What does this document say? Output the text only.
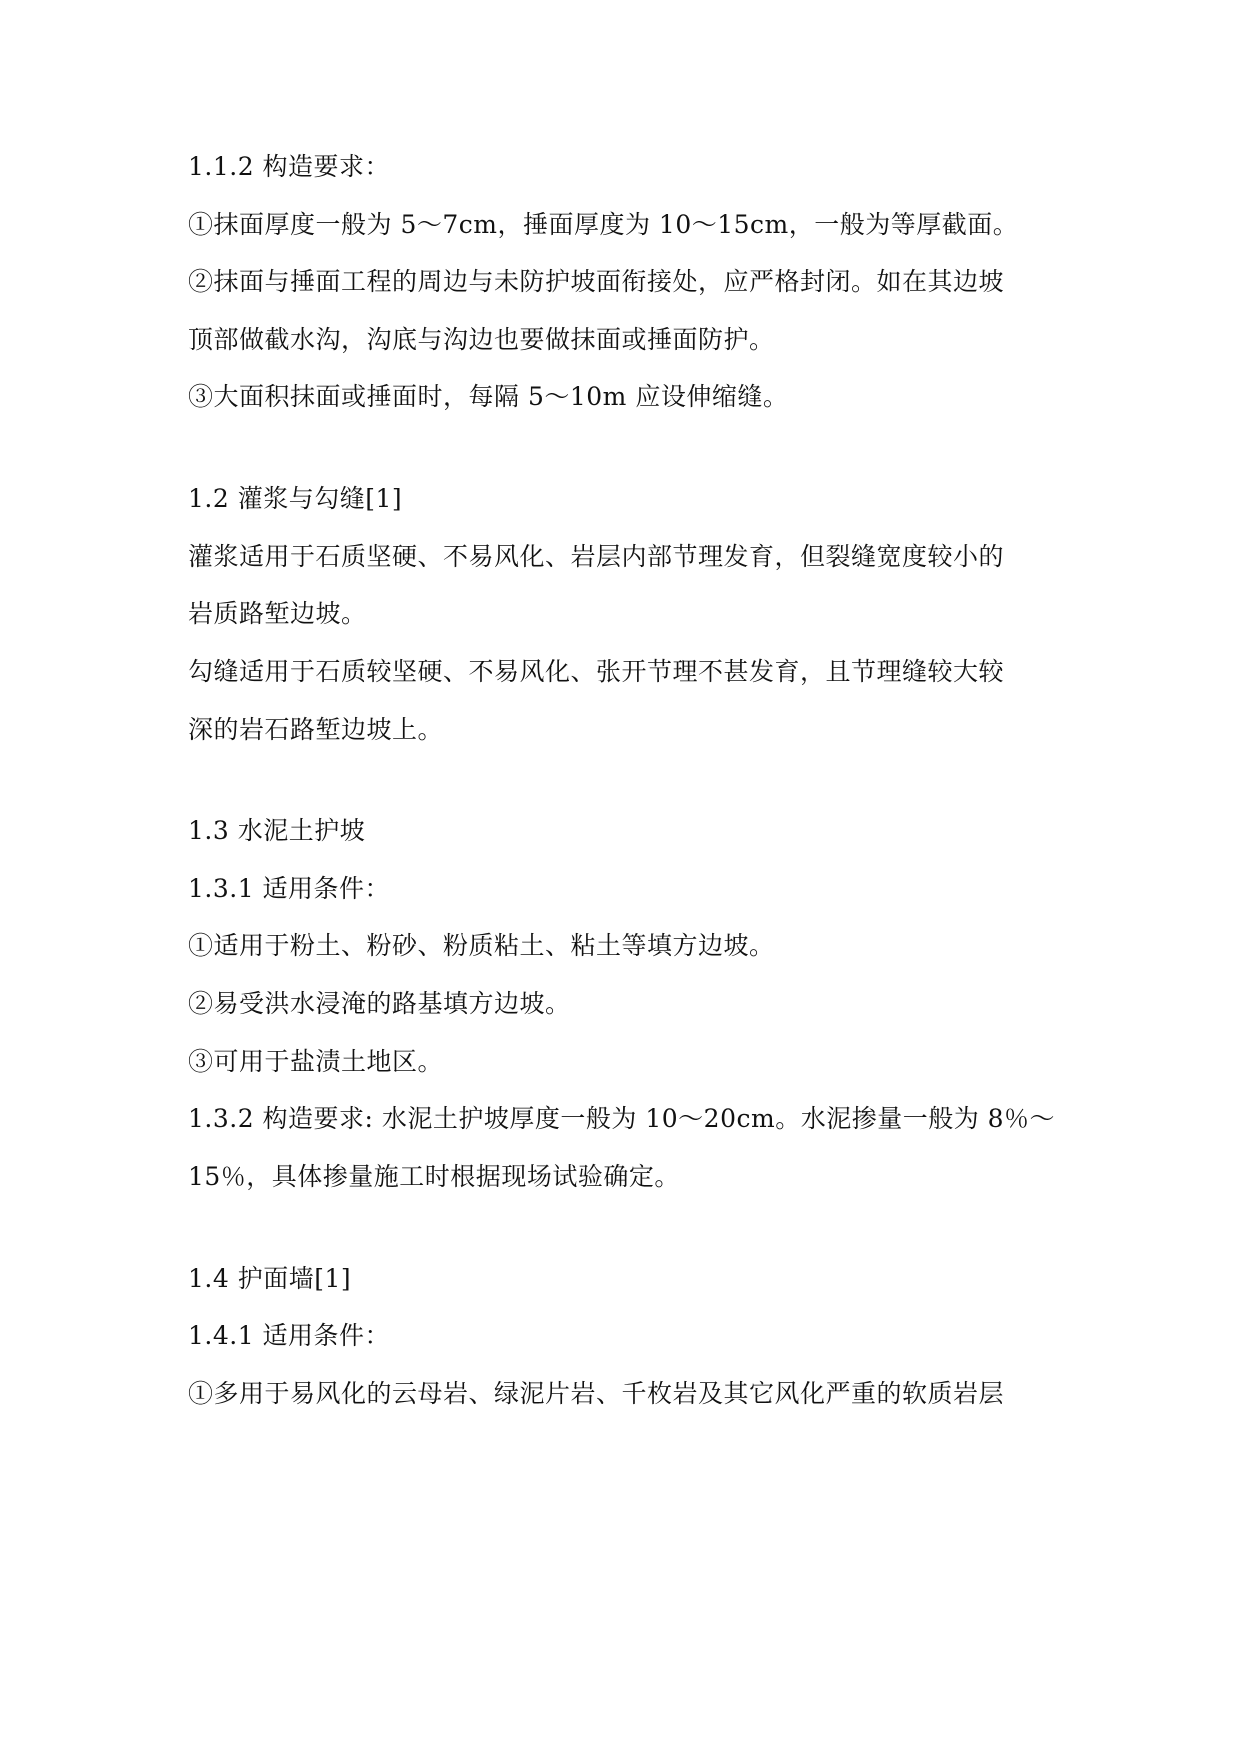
1.1.2 构造要求：
①抹面厚度一般为 5～7cm，捶面厚度为 10～15cm，一般为等厚截面。
②抹面与捶面工程的周边与未防护坡面衔接处，应严格封闭。如在其边坡
顶部做截水沟，沟底与沟边也要做抹面或捶面防护。
③大面积抹面或捶面时，每隔 5～10m 应设伸缩缝。
1.2 灌浆与勾缝[1]
灌浆适用于石质坚硬、不易风化、岩层内部节理发育，但裂缝宽度较小的
岩质路堑边坡。
勾缝适用于石质较坚硬、不易风化、张开节理不甚发育，且节理缝较大较
深的岩石路堑边坡上。
1.3 水泥土护坡
1.3.1 适用条件：
①适用于粉土、粉砂、粉质粘土、粘土等填方边坡。
②易受洪水浸淹的路基填方边坡。
③可用于盐渍土地区。
1.3.2 构造要求: 水泥土护坡厚度一般为 10～20cm。水泥掺量一般为 8％～
15％，具体掺量施工时根据现场试验确定。
1.4 护面墙[1]
1.4.1 适用条件：
①多用于易风化的云母岩、绿泥片岩、千枚岩及其它风化严重的软质岩层
